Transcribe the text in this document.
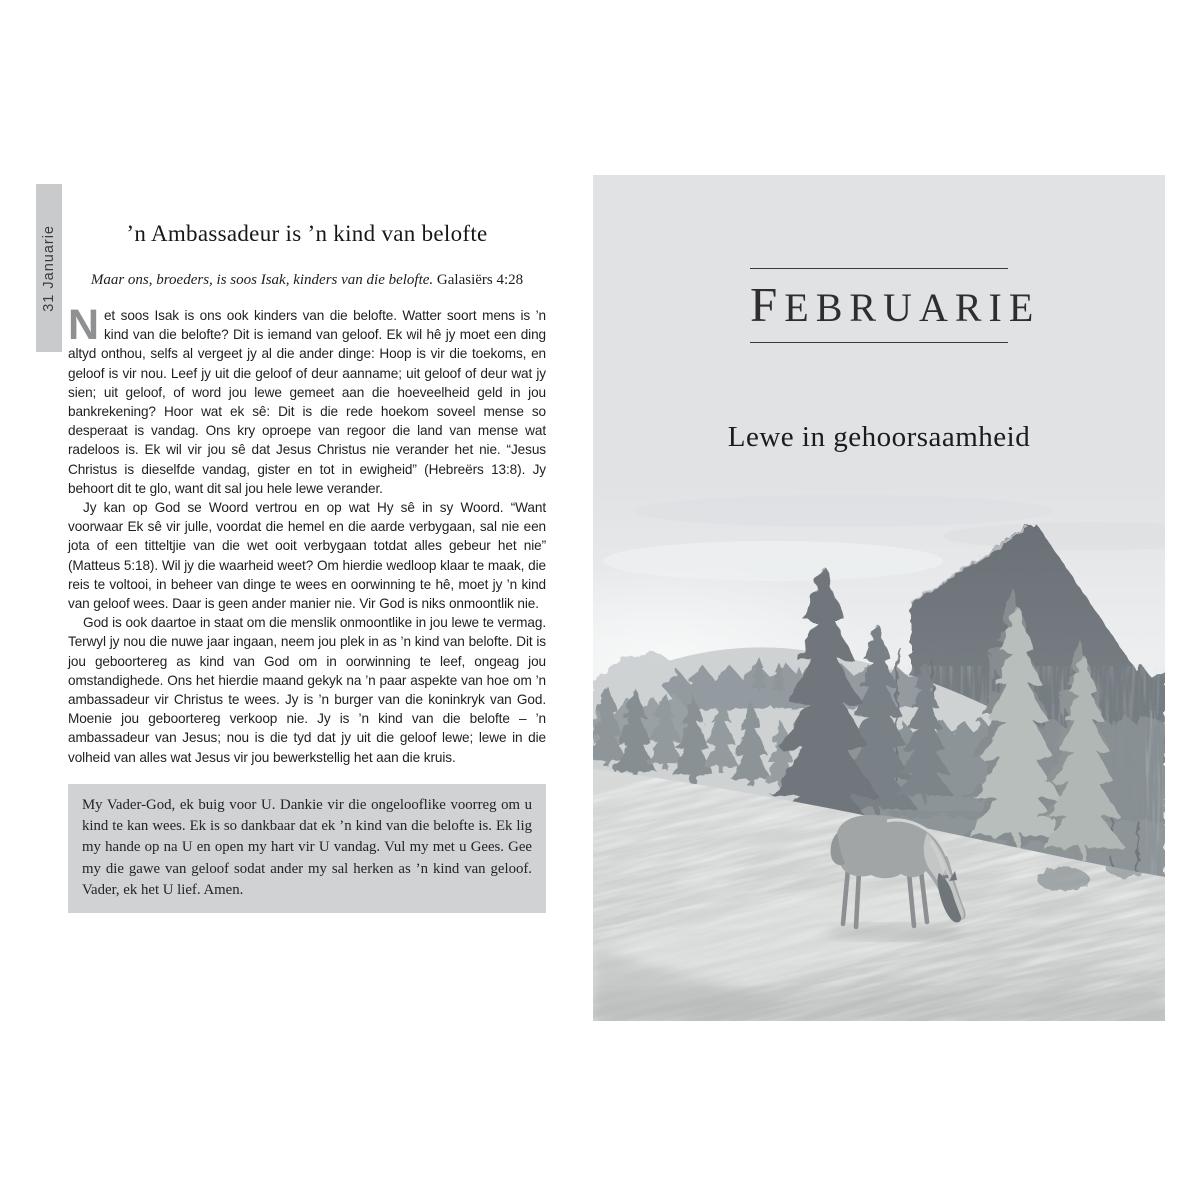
31 Januarie	’n Ambassadeur is ’n kind van belofte

Maar ons, broeders, is soos Isak, kinders van die belofte. Galasiërs 4:28

Net soos Isak is ons ook kinders van die belofte. Watter soort mens is ’n kind van die belofte? Dit is iemand van geloof. Ek wil hê jy moet een ding altyd onthou, selfs al vergeet jy al die ander dinge: Hoop is vir die toekoms, en geloof is vir nou. Leef jy uit die geloof of deur aanname; uit geloof of deur wat jy sien; uit geloof, of word jou lewe gemeet aan die hoeveelheid geld in jou bankrekening? Hoor wat ek sê: Dit is die rede hoekom soveel mense so desperaat is vandag. Ons kry oproepe van regoor die land van mense wat radeloos is. Ek wil vir jou sê dat Jesus Christus nie verander het nie. “Jesus Christus is dieselfde vandag, gister en tot in ewigheid” (Hebreërs 13:8). Jy behoort dit te glo, want dit sal jou hele lewe verander.

Jy kan op God se Woord vertrou en op wat Hy sê in sy Woord. “Want voorwaar Ek sê vir julle, voordat die hemel en die aarde verbygaan, sal nie een jota of een titteltjie van die wet ooit verbygaan totdat alles gebeur het nie” (Matteus 5:18). Wil jy die waarheid weet? Om hierdie wedloop klaar te maak, die reis te voltooi, in beheer van dinge te wees en oorwinning te hê, moet jy ’n kind van geloof wees. Daar is geen ander manier nie. Vir God is niks onmoontlik nie.

God is ook daartoe in staat om die menslik onmoontlike in jou lewe te vermag. Terwyl jy nou die nuwe jaar ingaan, neem jou plek in as ’n kind van belofte. Dit is jou geboortereg as kind van God om in oorwinning te leef, ongeag jou omstandighede. Ons het hierdie maand gekyk na ’n paar aspekte van hoe om ’n ambassadeur vir Christus te wees. Jy is ’n burger van die koninkryk van God. Moenie jou geboortereg verkoop nie. Jy is ’n kind van die belofte – ’n ambassadeur van Jesus; nou is die tyd dat jy uit die geloof lewe; lewe in die volheid van alles wat Jesus vir jou bewerkstellig het aan die kruis.

My Vader-God, ek buig voor U. Dankie vir die ongelooflike voorreg om u kind te kan wees. Ek is so dankbaar dat ek ’n kind van die belofte is. Ek lig my hande op na U en open my hart vir U vandag. Vul my met u Gees. Gee my die gawe van geloof sodat ander my sal herken as ’n kind van geloof. Vader, ek het U lief. Amen.

FEBRUARIE
Lewe in gehoorsaamheid
